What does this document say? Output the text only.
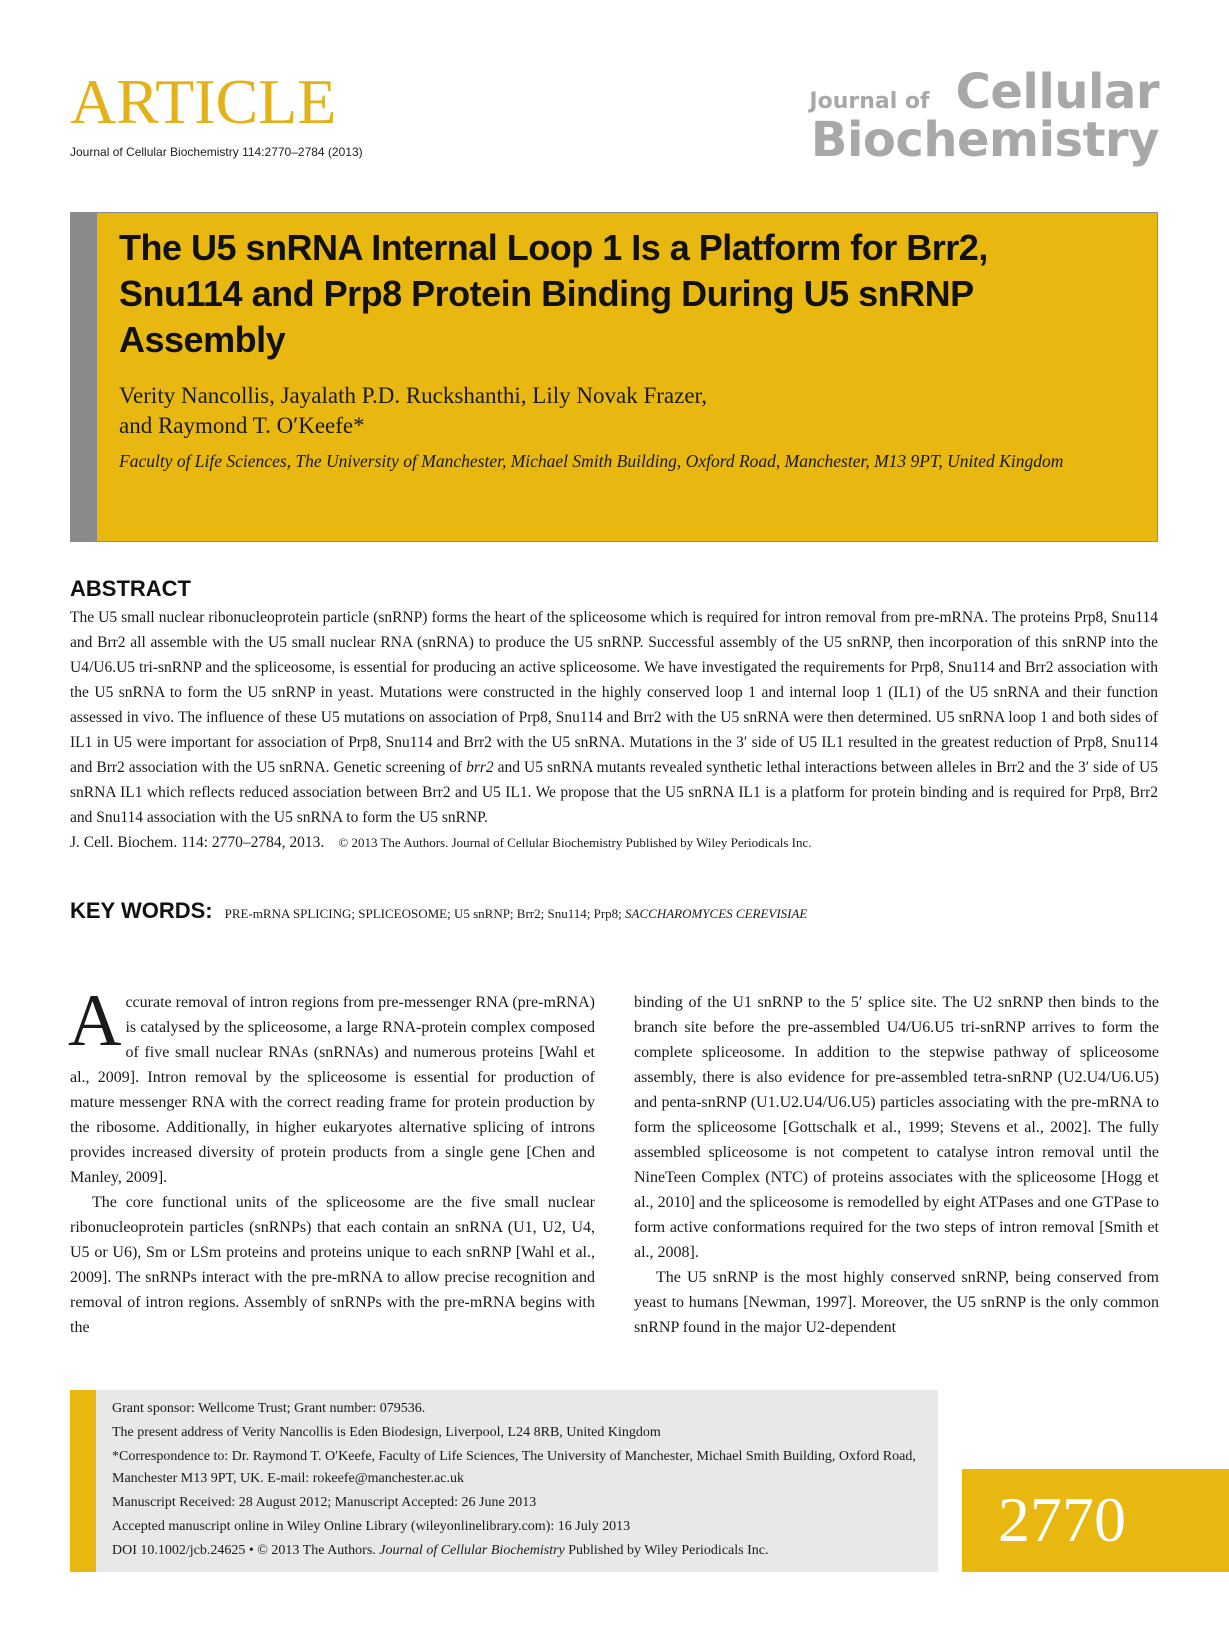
ARTICLE
Journal of Cellular Biochemistry 114:2770–2784 (2013)
Journal of Cellular
Biochemistry
The U5 snRNA Internal Loop 1 Is a Platform for Brr2, Snu114 and Prp8 Protein Binding During U5 snRNP Assembly
Verity Nancollis, Jayalath P.D. Ruckshanthi, Lily Novak Frazer,
and Raymond T. O′Keefe*
Faculty of Life Sciences, The University of Manchester, Michael Smith Building, Oxford Road, Manchester, M13 9PT, United Kingdom
ABSTRACT
The U5 small nuclear ribonucleoprotein particle (snRNP) forms the heart of the spliceosome which is required for intron removal from pre-mRNA. The proteins Prp8, Snu114 and Brr2 all assemble with the U5 small nuclear RNA (snRNA) to produce the U5 snRNP. Successful assembly of the U5 snRNP, then incorporation of this snRNP into the U4/U6.U5 tri-snRNP and the spliceosome, is essential for producing an active spliceosome. We have investigated the requirements for Prp8, Snu114 and Brr2 association with the U5 snRNA to form the U5 snRNP in yeast. Mutations were constructed in the highly conserved loop 1 and internal loop 1 (IL1) of the U5 snRNA and their function assessed in vivo. The influence of these U5 mutations on association of Prp8, Snu114 and Brr2 with the U5 snRNA were then determined. U5 snRNA loop 1 and both sides of IL1 in U5 were important for association of Prp8, Snu114 and Brr2 with the U5 snRNA. Mutations in the 3′ side of U5 IL1 resulted in the greatest reduction of Prp8, Snu114 and Brr2 association with the U5 snRNA. Genetic screening of brr2 and U5 snRNA mutants revealed synthetic lethal interactions between alleles in Brr2 and the 3′ side of U5 snRNA IL1 which reflects reduced association between Brr2 and U5 IL1. We propose that the U5 snRNA IL1 is a platform for protein binding and is required for Prp8, Brr2 and Snu114 association with the U5 snRNA to form the U5 snRNP.
J. Cell. Biochem. 114: 2770–2784, 2013. © 2013 The Authors. Journal of Cellular Biochemistry Published by Wiley Periodicals Inc.
KEY WORDS: PRE-mRNA SPLICING; SPLICEOSOME; U5 snRNP; Brr2; Snu114; Prp8; SACCHAROMYCES CEREVISIAE

Accurate removal of intron regions from pre-messenger RNA (pre-mRNA) is catalysed by the spliceosome, a large RNA-protein complex composed of five small nuclear RNAs (snRNAs) and numerous proteins [Wahl et al., 2009]. Intron removal by the spliceosome is essential for production of mature messenger RNA with the correct reading frame for protein production by the ribosome. Additionally, in higher eukaryotes alternative splicing of introns provides increased diversity of protein products from a single gene [Chen and Manley, 2009].

The core functional units of the spliceosome are the five small nuclear ribonucleoprotein particles (snRNPs) that each contain an snRNA (U1, U2, U4, U5 or U6), Sm or LSm proteins and proteins unique to each snRNP [Wahl et al., 2009]. The snRNPs interact with the pre-mRNA to allow precise recognition and removal of intron regions. Assembly of snRNPs with the pre-mRNA begins with the

binding of the U1 snRNP to the 5′ splice site. The U2 snRNP then binds to the branch site before the pre-assembled U4/U6.U5 tri-snRNP arrives to form the complete spliceosome. In addition to the stepwise pathway of spliceosome assembly, there is also evidence for pre-assembled tetra-snRNP (U2.U4/U6.U5) and penta-snRNP (U1.U2.U4/U6.U5) particles associating with the pre-mRNA to form the spliceosome [Gottschalk et al., 1999; Stevens et al., 2002]. The fully assembled spliceosome is not competent to catalyse intron removal until the NineTeen Complex (NTC) of proteins associates with the spliceosome [Hogg et al., 2010] and the spliceosome is remodelled by eight ATPases and one GTPase to form active conformations required for the two steps of intron removal [Smith et al., 2008].

The U5 snRNP is the most highly conserved snRNP, being conserved from yeast to humans [Newman, 1997]. Moreover, the U5 snRNP is the only common snRNP found in the major U2-dependent

Grant sponsor: Wellcome Trust; Grant number: 079536.
The present address of Verity Nancollis is Eden Biodesign, Liverpool, L24 8RB, United Kingdom
*Correspondence to: Dr. Raymond T. O′Keefe, Faculty of Life Sciences, The University of Manchester, Michael Smith Building, Oxford Road, Manchester M13 9PT, UK. E-mail: rokeefe@manchester.ac.uk
Manuscript Received: 28 August 2012; Manuscript Accepted: 26 June 2013
Accepted manuscript online in Wiley Online Library (wileyonlinelibrary.com): 16 July 2013
DOI 10.1002/jcb.24625 • © 2013 The Authors. Journal of Cellular Biochemistry Published by Wiley Periodicals Inc.	2770
